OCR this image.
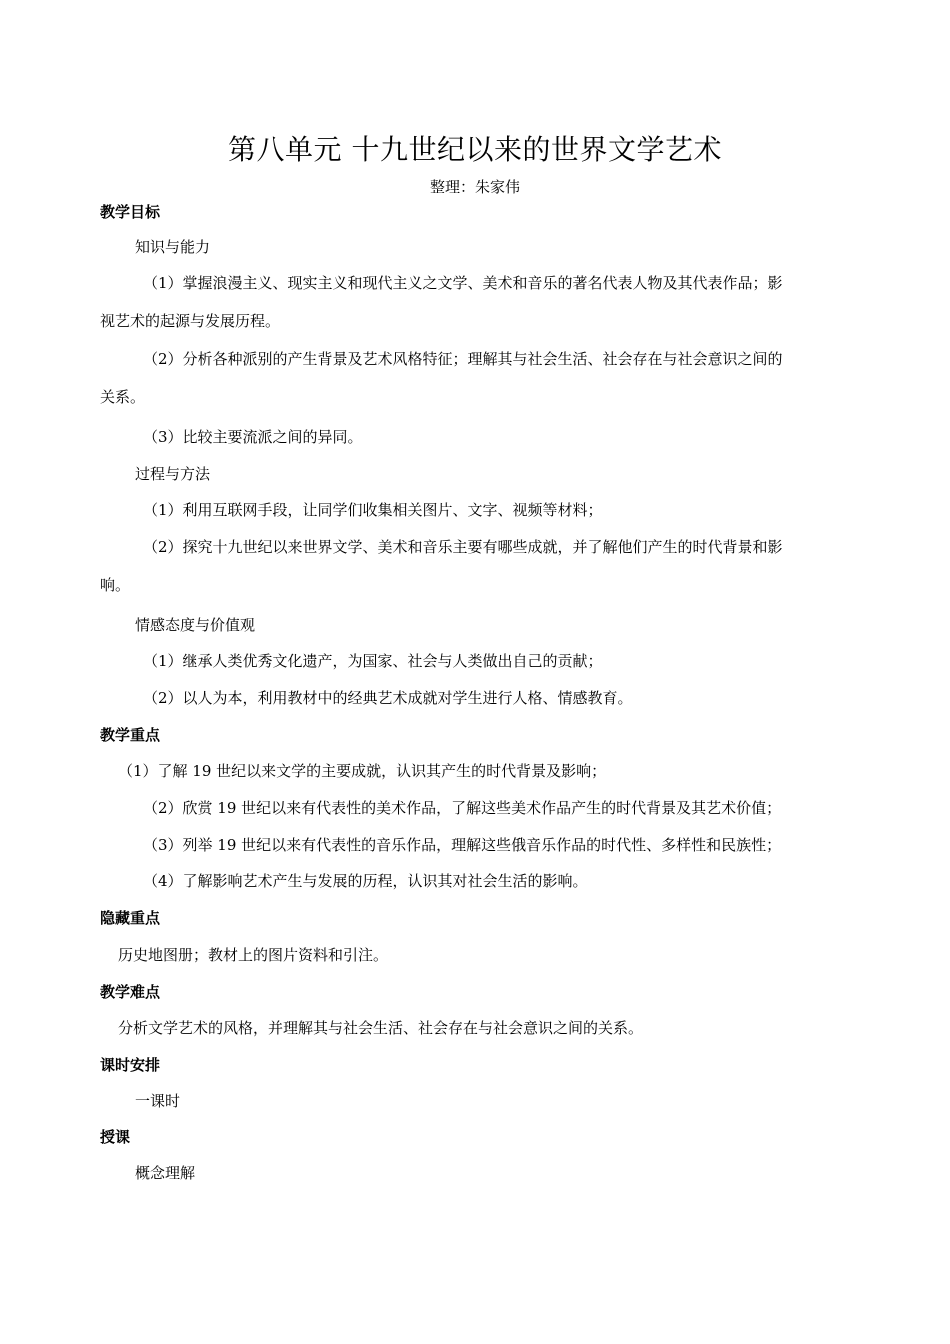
第八单元 十九世纪以来的世界文学艺术
整理：朱家伟
教学目标
知识与能力
（1）掌握浪漫主义、现实主义和现代主义之文学、美术和音乐的著名代表人物及其代表作品；影
视艺术的起源与发展历程。
（2）分析各种派别的产生背景及艺术风格特征；理解其与社会生活、社会存在与社会意识之间的
关系。
（3）比较主要流派之间的异同。
过程与方法
（1）利用互联网手段，让同学们收集相关图片、文字、视频等材料；
（2）探究十九世纪以来世界文学、美术和音乐主要有哪些成就，并了解他们产生的时代背景和影
响。
情感态度与价值观
（1）继承人类优秀文化遗产，为国家、社会与人类做出自己的贡献；
（2）以人为本，利用教材中的经典艺术成就对学生进行人格、情感教育。
教学重点
（1）了解 19 世纪以来文学的主要成就，认识其产生的时代背景及影响；
（2）欣赏 19 世纪以来有代表性的美术作品，了解这些美术作品产生的时代背景及其艺术价值；
（3）列举 19 世纪以来有代表性的音乐作品，理解这些俄音乐作品的时代性、多样性和民族性；
（4）了解影响艺术产生与发展的历程，认识其对社会生活的影响。
隐藏重点
历史地图册；教材上的图片资料和引注。
教学难点
分析文学艺术的风格，并理解其与社会生活、社会存在与社会意识之间的关系。
课时安排
一课时
授课
概念理解
